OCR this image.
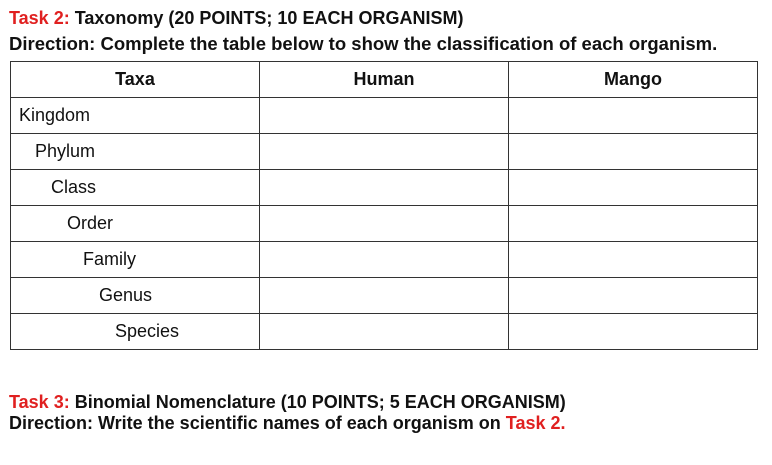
Task 2: Taxonomy (20 POINTS; 10 EACH ORGANISM)
Direction: Complete the table below to show the classification of each organism.
Taxa	Human	Mango
Kingdom		
Phylum		
Class		
Order		
Family		
Genus		
Species		
Task 3: Binomial Nomenclature (10 POINTS; 5 EACH ORGANISM)
Direction: Write the scientific names of each organism on Task 2.
